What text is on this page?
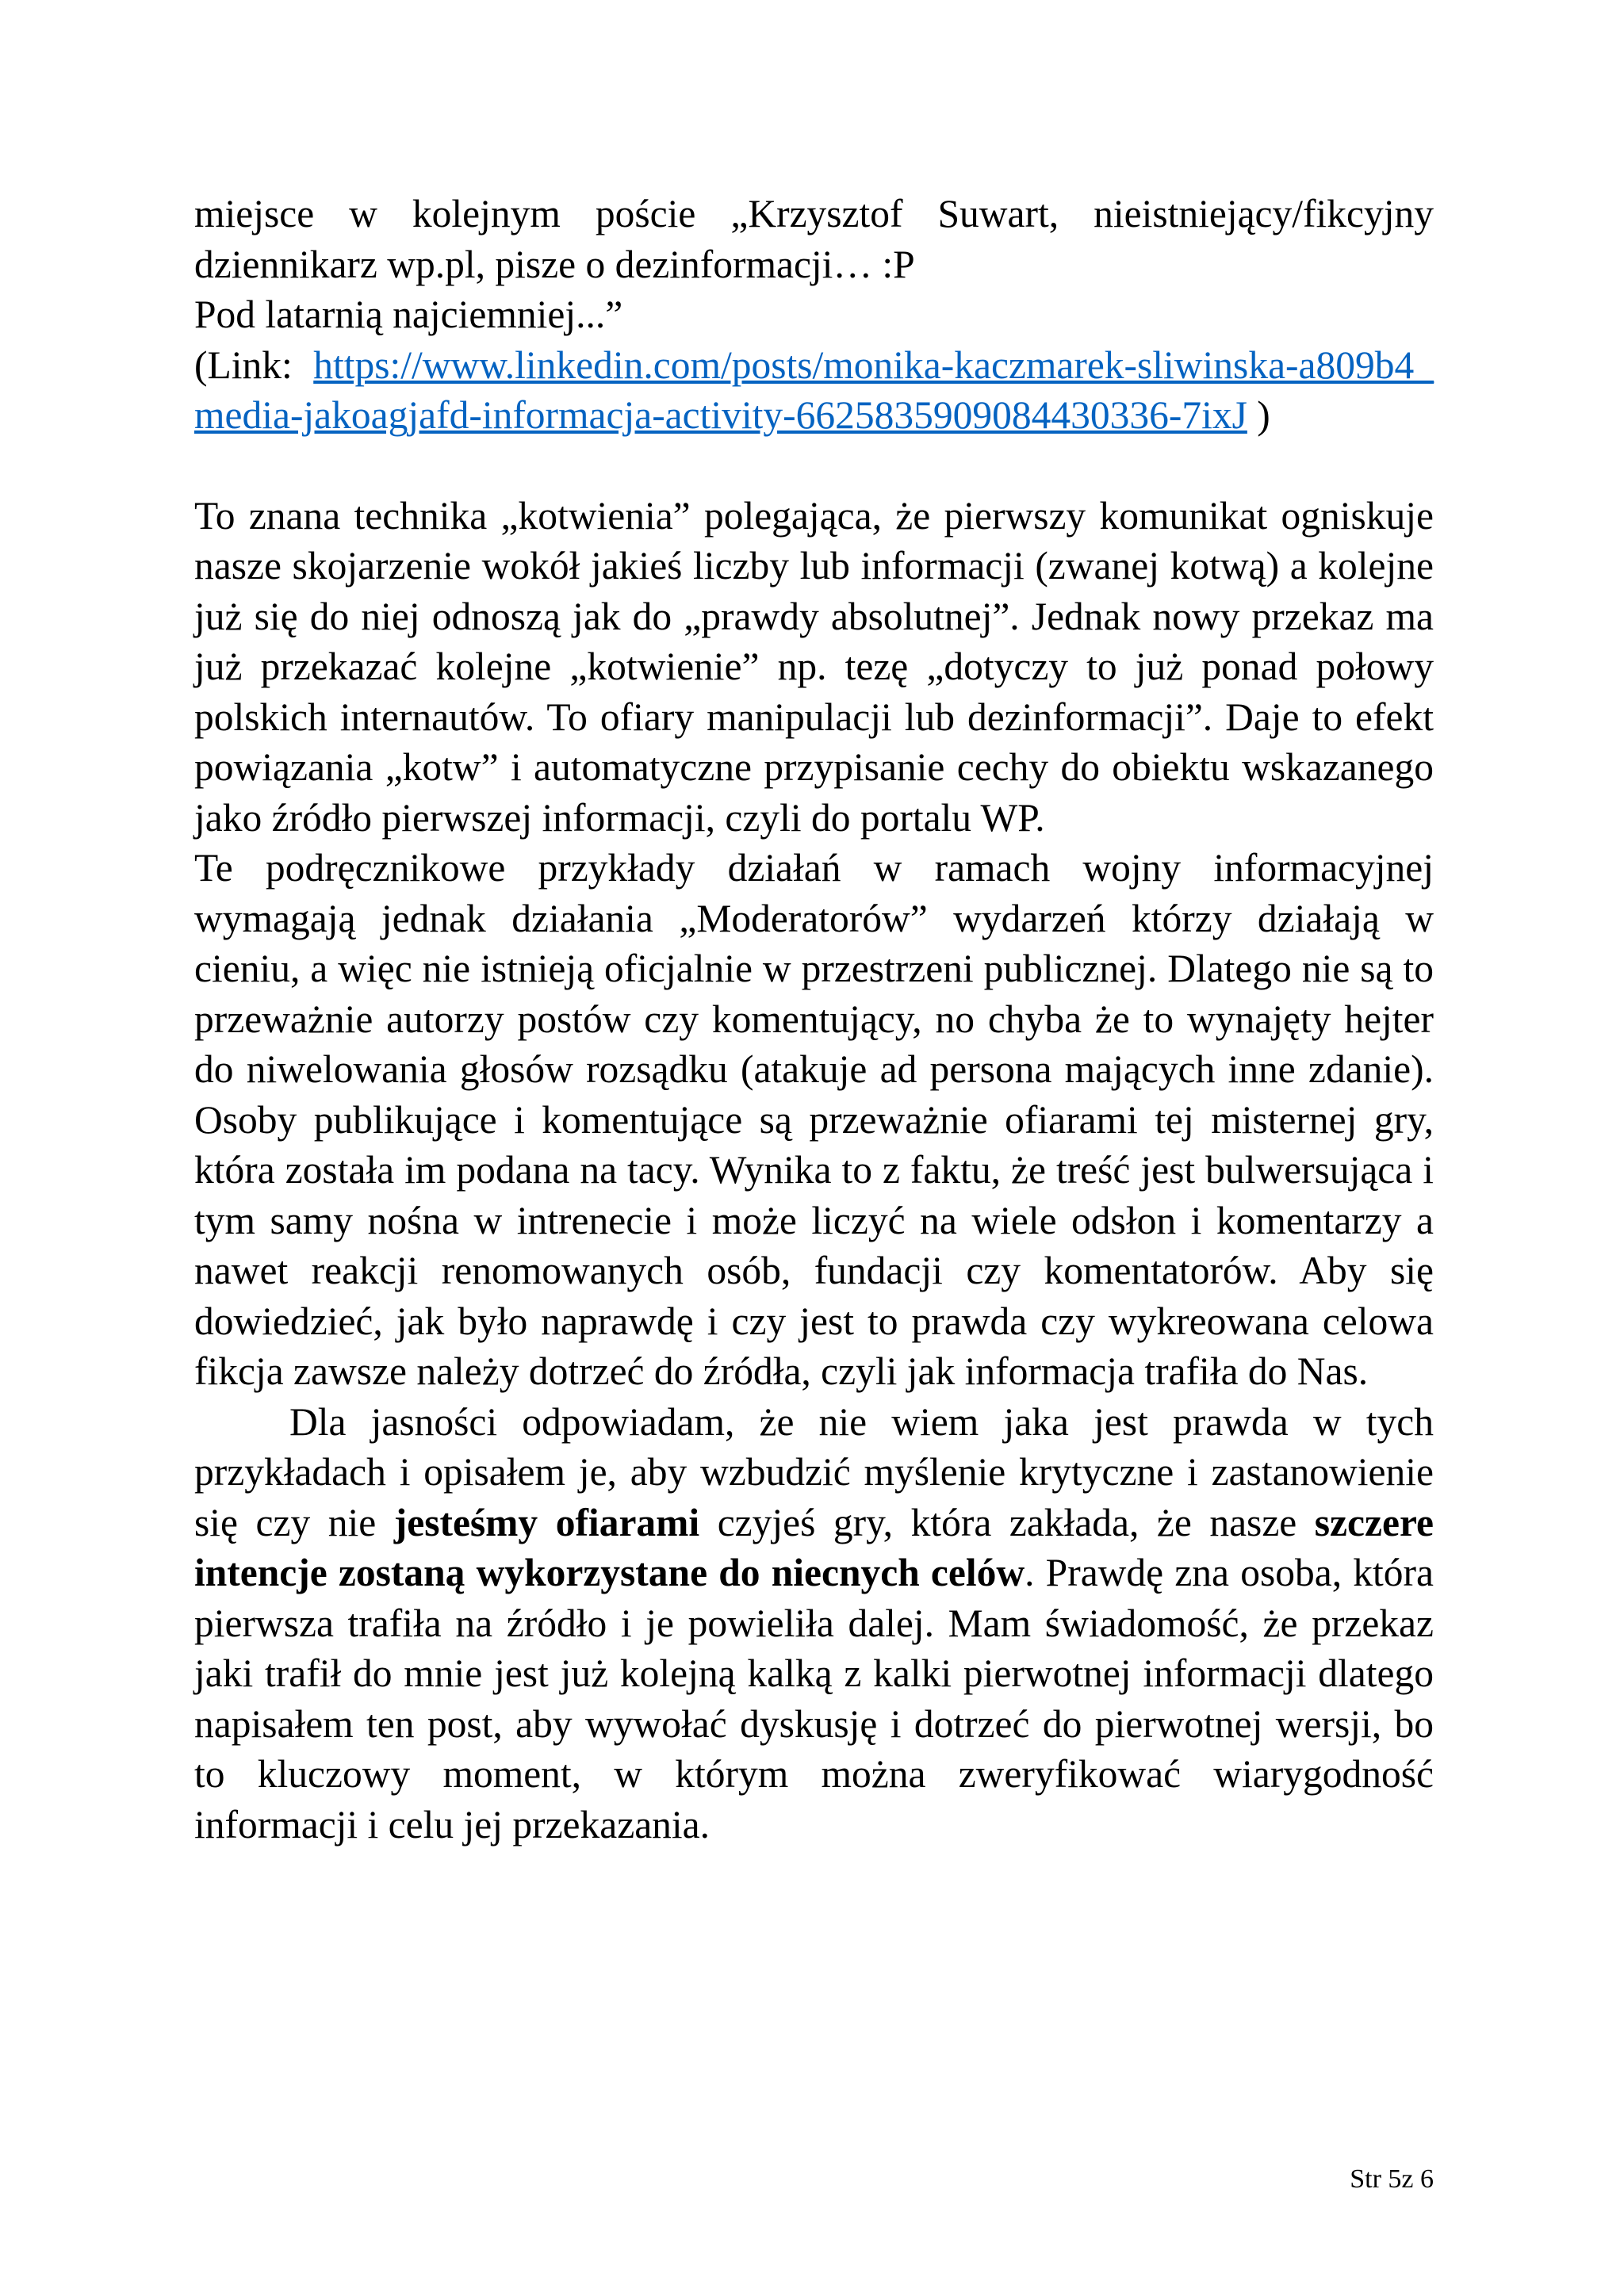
miejsce w kolejnym poście „Krzysztof Suwart, nieistniejący/fikcyjny dziennikarz wp.pl, pisze o dezinformacji… :P

Pod latarnią najciemniej...”

(Link: https://www.linkedin.com/posts/monika-kaczmarek-sliwinska-a809b4_media-jakoagjafd-informacja-activity-6625835909084430336-7ixJ )

To znana technika „kotwienia” polegająca, że pierwszy komunikat ogniskuje nasze skojarzenie wokół jakieś liczby lub informacji (zwanej kotwą) a kolejne już się do niej odnoszą jak do „prawdy absolutnej”. Jednak nowy przekaz ma już przekazać kolejne „kotwienie” np. tezę „dotyczy to już ponad połowy polskich internautów. To ofiary manipulacji lub dezinformacji”. Daje to efekt powiązania „kotw” i automatyczne przypisanie cechy do obiektu wskazanego jako źródło pierwszej informacji, czyli do portalu WP.

Te podręcznikowe przykłady działań w ramach wojny informacyjnej wymagają jednak działania „Moderatorów” wydarzeń którzy działają w cieniu, a więc nie istnieją oficjalnie w przestrzeni publicznej. Dlatego nie są to przeważnie autorzy postów czy komentujący, no chyba że to wynajęty hejter do niwelowania głosów rozsądku (atakuje ad persona mających inne zdanie). Osoby publikujące i komentujące są przeważnie ofiarami tej misternej gry, która została im podana na tacy. Wynika to z faktu, że treść jest bulwersująca i tym samy nośna w intrenecie i może liczyć na wiele odsłon i komentarzy a nawet reakcji renomowanych osób, fundacji czy komentatorów. Aby się dowiedzieć, jak było naprawdę i czy jest to prawda czy wykreowana celowa fikcja zawsze należy dotrzeć do źródła, czyli jak informacja trafiła do Nas.

Dla jasności odpowiadam, że nie wiem jaka jest prawda w tych przykładach i opisałem je, aby wzbudzić myślenie krytyczne i zastanowienie się czy nie jesteśmy ofiarami czyjeś gry, która zakłada, że nasze szczere intencje zostaną wykorzystane do niecnych celów. Prawdę zna osoba, która pierwsza trafiła na źródło i je powieliła dalej. Mam świadomość, że przekaz jaki trafił do mnie jest już kolejną kalką z kalki pierwotnej informacji dlatego napisałem ten post, aby wywołać dyskusję i dotrzeć do pierwotnej wersji, bo to kluczowy moment, w którym można zweryfikować wiarygodność informacji i celu jej przekazania.

Str 5z 6
